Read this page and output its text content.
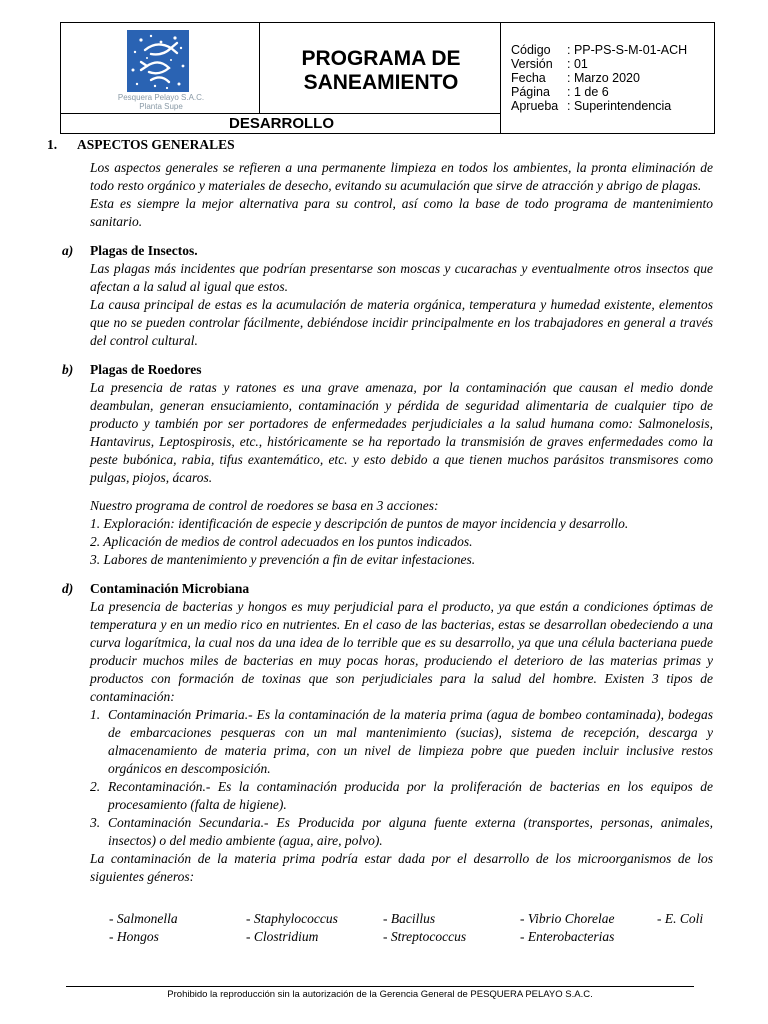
Pesquera Pelayo S.A.C.
Planta Supe
PROGRAMA DE
SANEAMIENTO
Código	: PP-PS-S-M-01-ACH
Versión	: 01
Fecha	: Marzo 2020
Página	: 1 de 6
Aprueba : Superintendencia
DESARROLLO
1.	ASPECTOS GENERALES

Los aspectos generales se refieren a una permanente limpieza en todos los ambientes, la pronta eliminación de todo resto orgánico y materiales de desecho, evitando su acumulación que sirve de atracción y abrigo de plagas.

Esta es siempre la mejor alternativa para su control, así como la base de todo programa de mantenimiento sanitario.

a)	Plagas de Insectos.

Las plagas más incidentes que podrían presentarse son moscas y cucarachas y eventualmente otros insectos que afectan a la salud al igual que estos.

La causa principal de estas es la acumulación de materia orgánica, temperatura y humedad existente, elementos que no se pueden controlar fácilmente, debiéndose incidir principalmente en los trabajadores en general a través del control cultural.

b)	Plagas de Roedores

La presencia de ratas y ratones es una grave amenaza, por la contaminación que causan el medio donde deambulan, generan ensuciamiento, contaminación y pérdida de seguridad alimentaria de cualquier tipo de producto y también por ser portadores de enfermedades perjudiciales a la salud humana como: Salmonelosis, Hantavirus, Leptospirosis, etc., históricamente se ha reportado la transmisión de graves enfermedades como la peste bubónica, rabia, tifus exantemático, etc. y esto debido a que tienen muchos parásitos transmisores como pulgas, piojos, ácaros.

Nuestro programa de control de roedores se basa en 3 acciones:

1. Exploración: identificación de especie y descripción de puntos de mayor incidencia y desarrollo.
2. Aplicación de medios de control adecuados en los puntos indicados.
3. Labores de mantenimiento y prevención a fin de evitar infestaciones.
d)	Contaminación Microbiana

La presencia de bacterias y hongos es muy perjudicial para el producto, ya que están a condiciones óptimas de temperatura y en un medio rico en nutrientes. En el caso de las bacterias, estas se desarrollan obedeciendo a una curva logarítmica, la cual nos da una idea de lo terrible que es su desarrollo, ya que una célula bacteriana puede producir muchos miles de bacterias en muy pocas horas, produciendo el deterioro de las materias primas y productos con formación de toxinas que son perjudiciales para la salud del hombre. Existen 3 tipos de contaminación:

1. Contaminación Primaria.- Es la contaminación de la materia prima (agua de bombeo contaminada), bodegas de embarcaciones pesqueras con un mal mantenimiento (sucias), sistema de recepción, descarga y almacenamiento de materia prima, con un nivel de limpieza pobre que pueden incluir inclusive restos orgánicos en descomposición.
2. Recontaminación.- Es la contaminación producida por la proliferación de bacterias en los equipos de procesamiento (falta de higiene).
3. Contaminación Secundaria.- Es Producida por alguna fuente externa (transportes, personas, animales, insectos) o del medio ambiente (agua, aire, polvo).

La contaminación de la materia prima podría estar dada por el desarrollo de los microorganismos de los siguientes géneros:

- Salmonella	- Staphylococcus	- Bacillus	- Vibrio Chorelae	- E. Coli
- Hongos	- Clostridium	- Streptococcus	- Enterobacterias
Prohibido la reproducción sin la autorización de la Gerencia General de PESQUERA PELAYO S.A.C.
